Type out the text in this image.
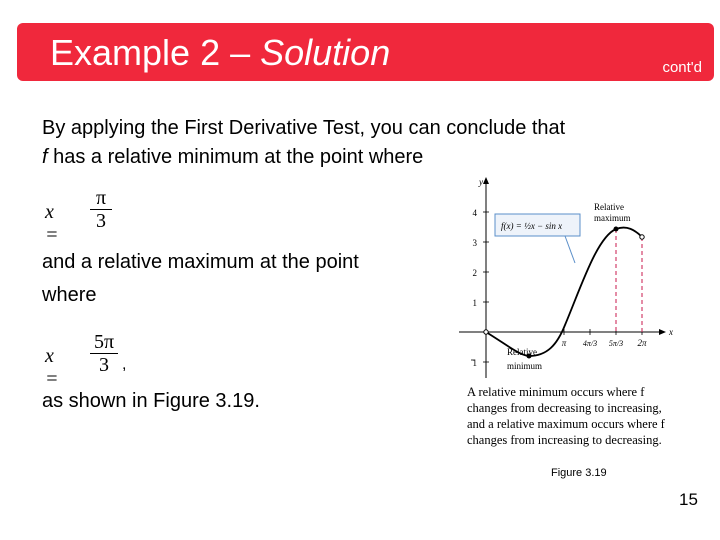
Example 2 – Solution	cont'd
By applying the First Derivative Test, you can conclude that
f has a relative minimum at the point where
x =
π
3
and a relative maximum at the point
where
x =
5π
3 ,
as shown in Figure 3.19.
y
x
4
3
2
1
1
π 4π/3 5π/3 2π
f(x) = ½x − sin x
Relative
maximum
Relative
minimum
A relative minimum occurs where f
changes from decreasing to increasing,
and a relative maximum occurs where f
changes from increasing to decreasing.
Figure 3.19
15
